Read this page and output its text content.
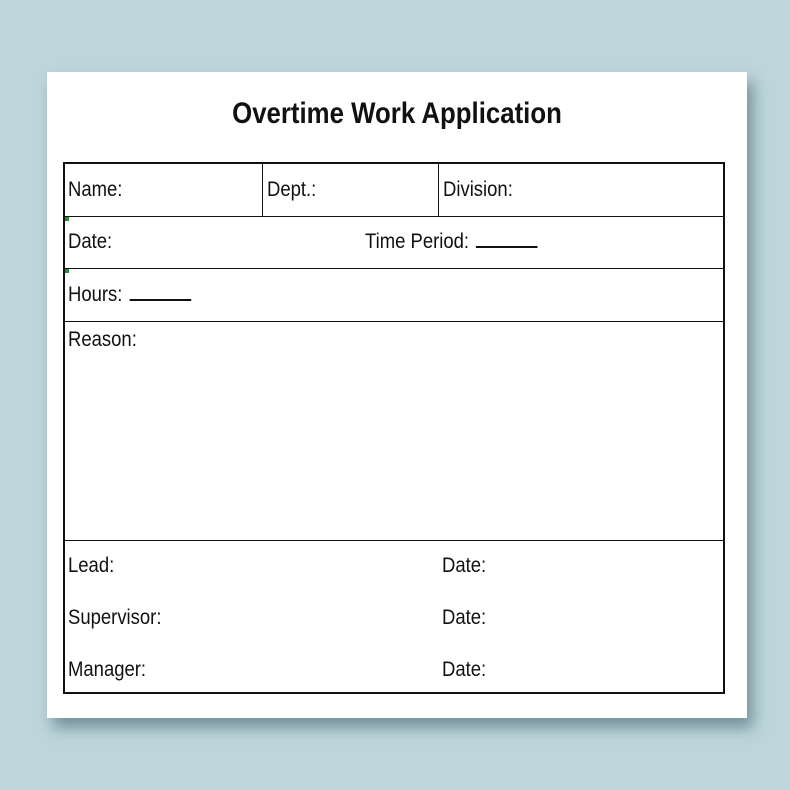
Overtime Work Application
Name:	Dept.:	Division:
Date:	Time Period:
Hours:
Reason:
Lead:	Date:
Supervisor:	Date:
Manager:	Date:
